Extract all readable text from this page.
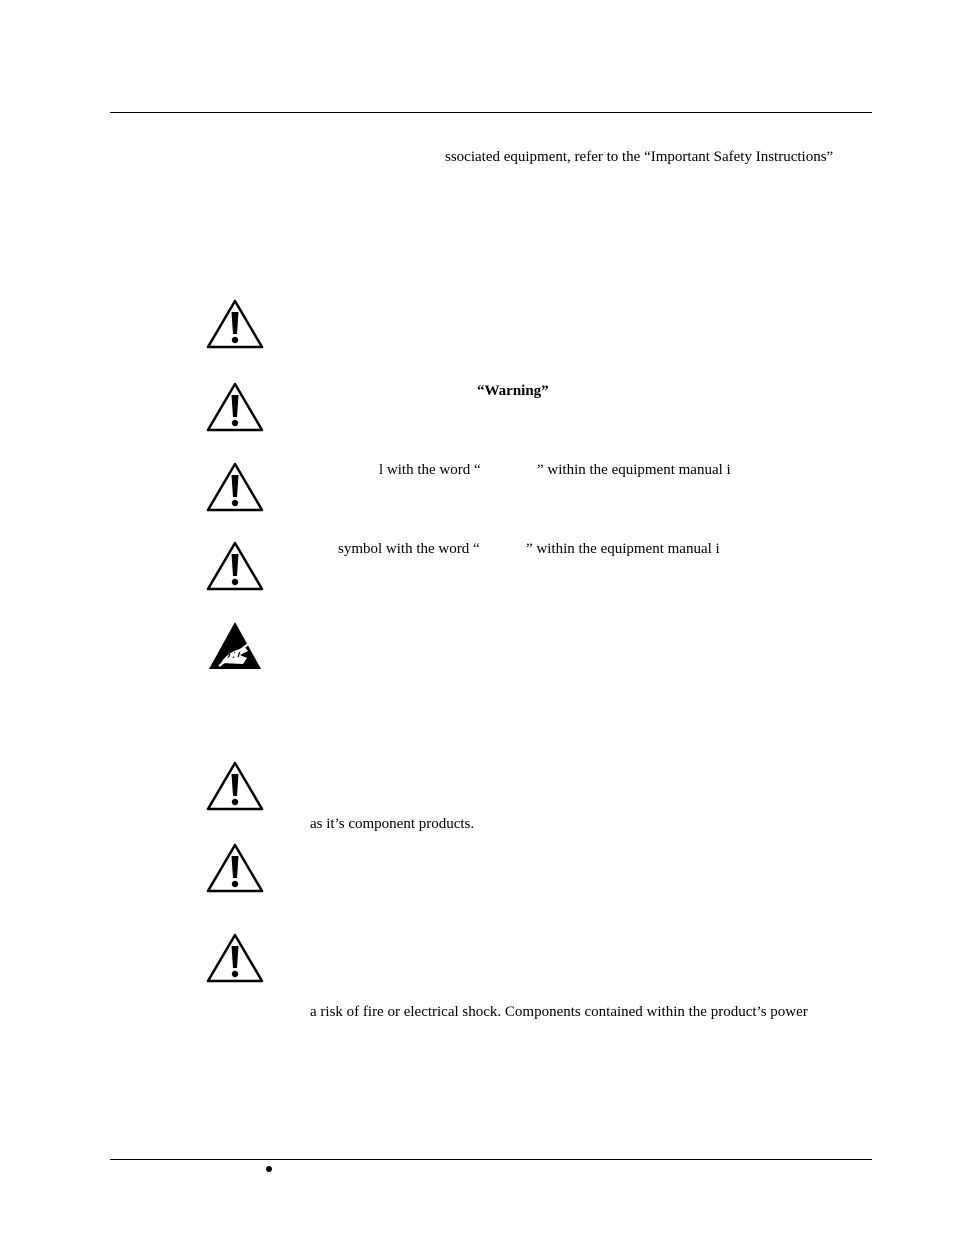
ssociated equipment, refer to the “Important Safety Instructions”
“Warning”
l with the word “	” within the equipment manual i
symbol with the word “	” within the equipment manual i
as it’s component products.
a risk of fire or electrical shock. Components contained within the product’s power
